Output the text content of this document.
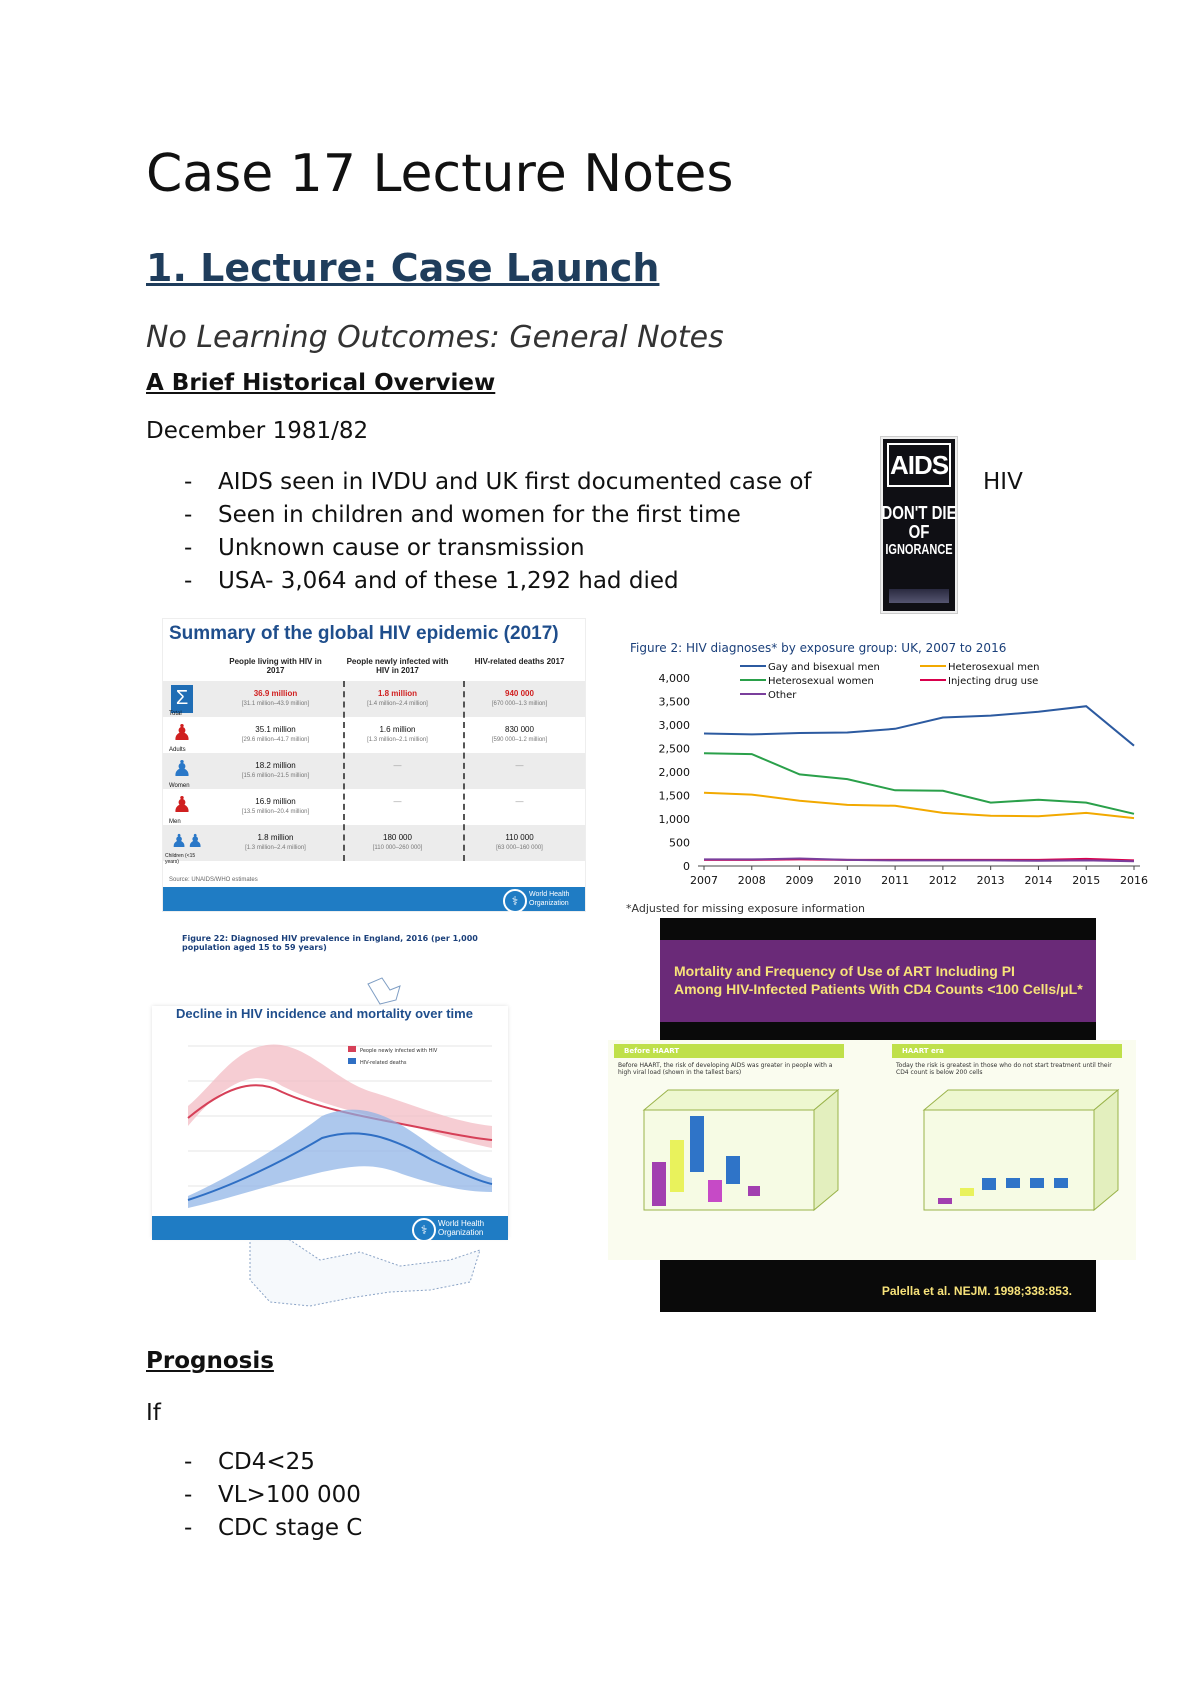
Case 17 Lecture Notes
1. Lecture: Case Launch
No Learning Outcomes: General Notes
A Brief Historical Overview
December 1981/82
- AIDS seen in IVDU and UK first documented case of
- Seen in children and women for the first time
- Unknown cause or transmission
- USA- 3,064 and of these 1,292 had died
HIV
AIDS
DON'T DIE
OF
IGNORANCE
Summary of the global HIV epidemic (2017)
People living with HIV in 2017
People newly infected with HIV in 2017
HIV-related deaths 2017
Σ
Total
36.9 million	1.8 million	940 000
[31.1 million–43.9 million]	[1.4 million–2.4 million]	[670 000–1.3 million]
♟
Adults
35.1 million	1.6 million	830 000
[29.6 million–41.7 million]	[1.3 million–2.1 million]	[590 000–1.2 million]
♟
Women
18.2 million	—	—
[15.6 million–21.5 million]
♟
Men
16.9 million	—	—
[13.5 million–20.4 million]
♟♟
Children (<15 years)
1.8 million	180 000	110 000
[1.3 million–2.4 million]	[110 000–260 000]	[63 000–160 000]
Source: UNAIDS/WHO estimates
⚕	World Health Organization
Figure 2: HIV diagnoses* by exposure group: UK, 2007 to 2016
0
500
1,000
1,500
2,000
2,500
3,000
3,500
4,000
2007 2008 2009 2010 2011 2012 2013 2014 2015 2016
Gay and bisexual men	Heterosexual men
Heterosexual women	Injecting drug use
Other
*Adjusted for missing exposure information
Figure 22: Diagnosed HIV prevalence in England, 2016 (per 1,000 population aged 15 to 59 years)
Decline in HIV incidence and mortality over time
People newly infected with HIV
HIV-related deaths
⚕	World Health Organization
Mortality and Frequency of Use of ART Including PI
Among HIV-Infected Patients With CD4 Counts <100 Cells/μL*
Palella et al. NEJM. 1998;338:853.
Before HAART	HAART era
Before HAART, the risk of developing AIDS was greater in people with a high viral load (shown in the tallest bars)
Today the risk is greatest in those who do not start treatment until their CD4 count is below 200 cells
Prognosis
If
- CD4<25
- VL>100 000
- CDC stage C
